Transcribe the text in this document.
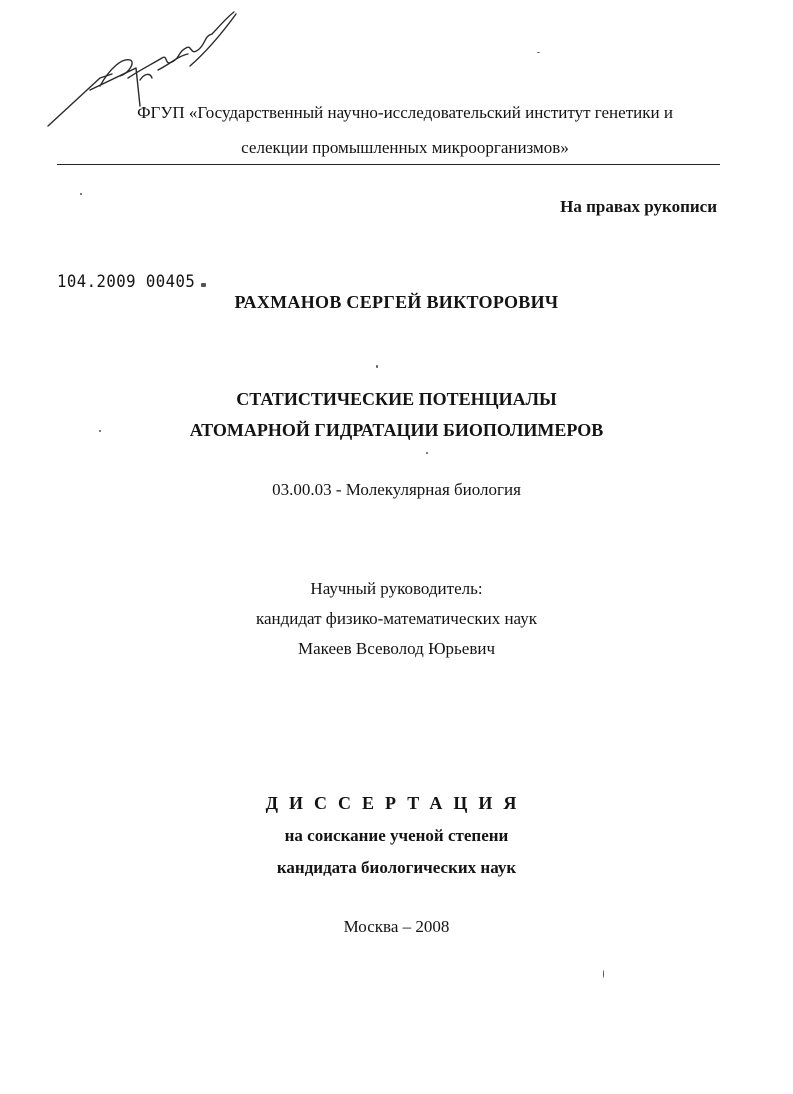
ФГУП «Государственный научно-исследовательский институт генетики и
селекции промышленных микроорганизмов»
На правах рукописи
104.2009 00405
РАХМАНОВ СЕРГЕЙ ВИКТОРОВИЧ
СТАТИСТИЧЕСКИЕ ПОТЕНЦИАЛЫ
АТОМАРНОЙ ГИДРАТАЦИИ БИОПОЛИМЕРОВ
03.00.03 - Молекулярная биология
Научный руководитель:
кандидат физико-математических наук
Макеев Всеволод Юрьевич
ДИССЕРТАЦИЯ
на соискание ученой степени
кандидата биологических наук
Москва – 2008
